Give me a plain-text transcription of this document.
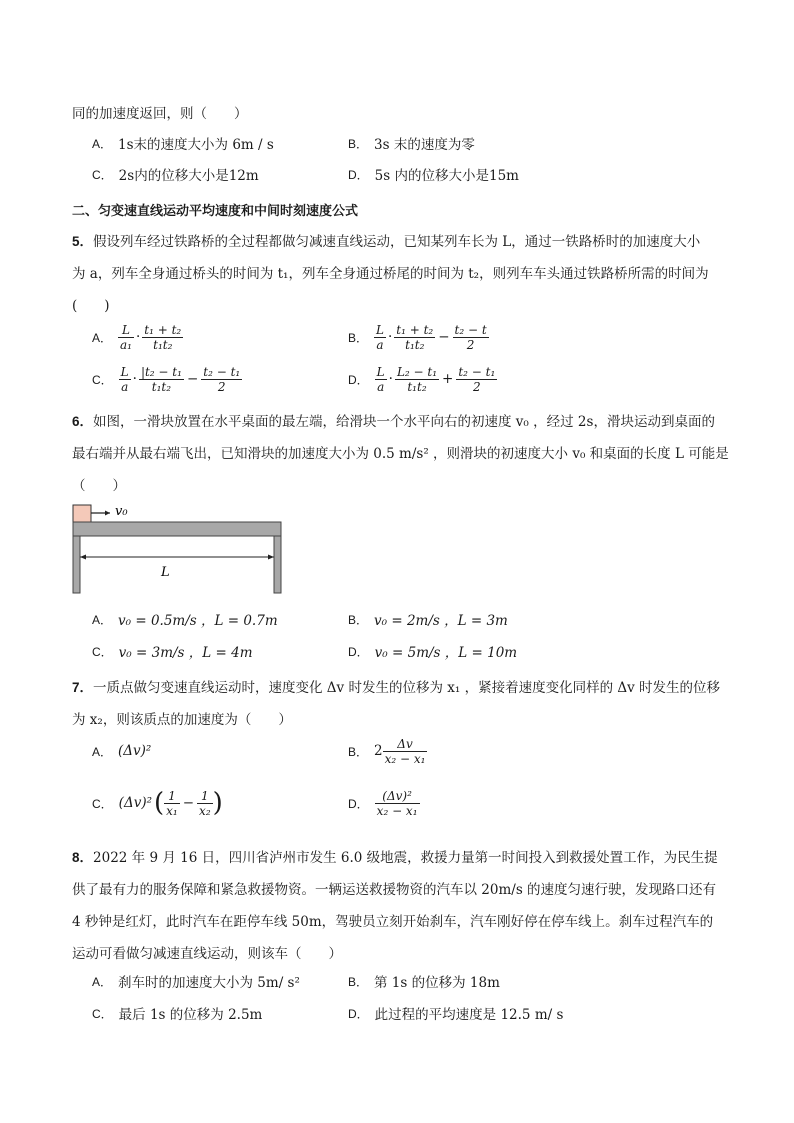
同的加速度返回，则（　　）
A． 1s末的速度大小为 6m / s	B． 3s 末的速度为零
C． 2s内的位移大小是12m	D． 5s 内的位移大小是15m
二、匀变速直线运动平均速度和中间时刻速度公式
5．假设列车经过铁路桥的全过程都做匀减速直线运动，已知某列车长为 L，通过一铁路桥时的加速度大小
为 a，列车全身通过桥头的时间为 t₁，列车全身通过桥尾的时间为 t₂，则列车车头通过铁路桥所需的时间为
(　　)
A． $\frac{L}{\text{a₁}} \cdot \frac{\text{t₁ + t₂}}{\text{t₁t₂}}$	B． $\frac{L}{a} \cdot \frac{\text{t₁ + t₂}}{\text{t₁t₂}} - \frac{\text{t₂ − t}}{2}$
C． $\frac{L}{a} \cdot \frac{\text{|t₂ − t₁}}{\text{t₁t₂}} - \frac{\text{t₂ − t₁}}{2}$	D． $\frac{L}{a} \cdot \frac{\text{L₂ − t₁}}{\text{t₁t₂}} + \frac{\text{t₂ − t₁}}{2}$
6．如图，一滑块放置在水平桌面的最左端，给滑块一个水平向右的初速度 v₀ ，经过 2s，滑块运动到桌面的
最右端并从最右端飞出，已知滑块的加速度大小为 0.5 m/s² ，则滑块的初速度大小 v₀ 和桌面的长度 L 可能是
（　　）
v₀
L
A． v₀ = 0.5m/s ，L = 0.7m	B． v₀ = 2m/s ，L = 3m
C． v₀ = 3m/s ，L = 4m	D． v₀ = 5m/s ，L = 10m
7．一质点做匀变速直线运动时，速度变化 Δv 时发生的位移为 x₁ ，紧接着速度变化同样的 Δv 时发生的位移
为 x₂，则该质点的加速度为（　　）
A． (Δv)²	B． $2 \frac{\Delta v}{\text{x₂ − x₁}}$
C． (Δv)² ( $\frac{1}{\text{x₁}} - \frac{1}{\text{x₂}}$ )	D． $\frac{\text{(Δv)²}}{\text{x₂ − x₁}}$
8．2022 年 9 月 16 日，四川省泸州市发生 6.0 级地震，救援力量第一时间投入到救援处置工作，为民生提
供了最有力的服务保障和紧急救援物资。一辆运送救援物资的汽车以 20m/s 的速度匀速行驶，发现路口还有
4 秒钟是红灯，此时汽车在距停车线 50m，驾驶员立刻开始刹车，汽车刚好停在停车线上。刹车过程汽车的
运动可看做匀减速直线运动，则该车（　　）
A． 刹车时的加速度大小为 5m/ s²	B． 第 1s 的位移为 18m
C． 最后 1s 的位移为 2.5m	D． 此过程的平均速度是 12.5 m/ s
